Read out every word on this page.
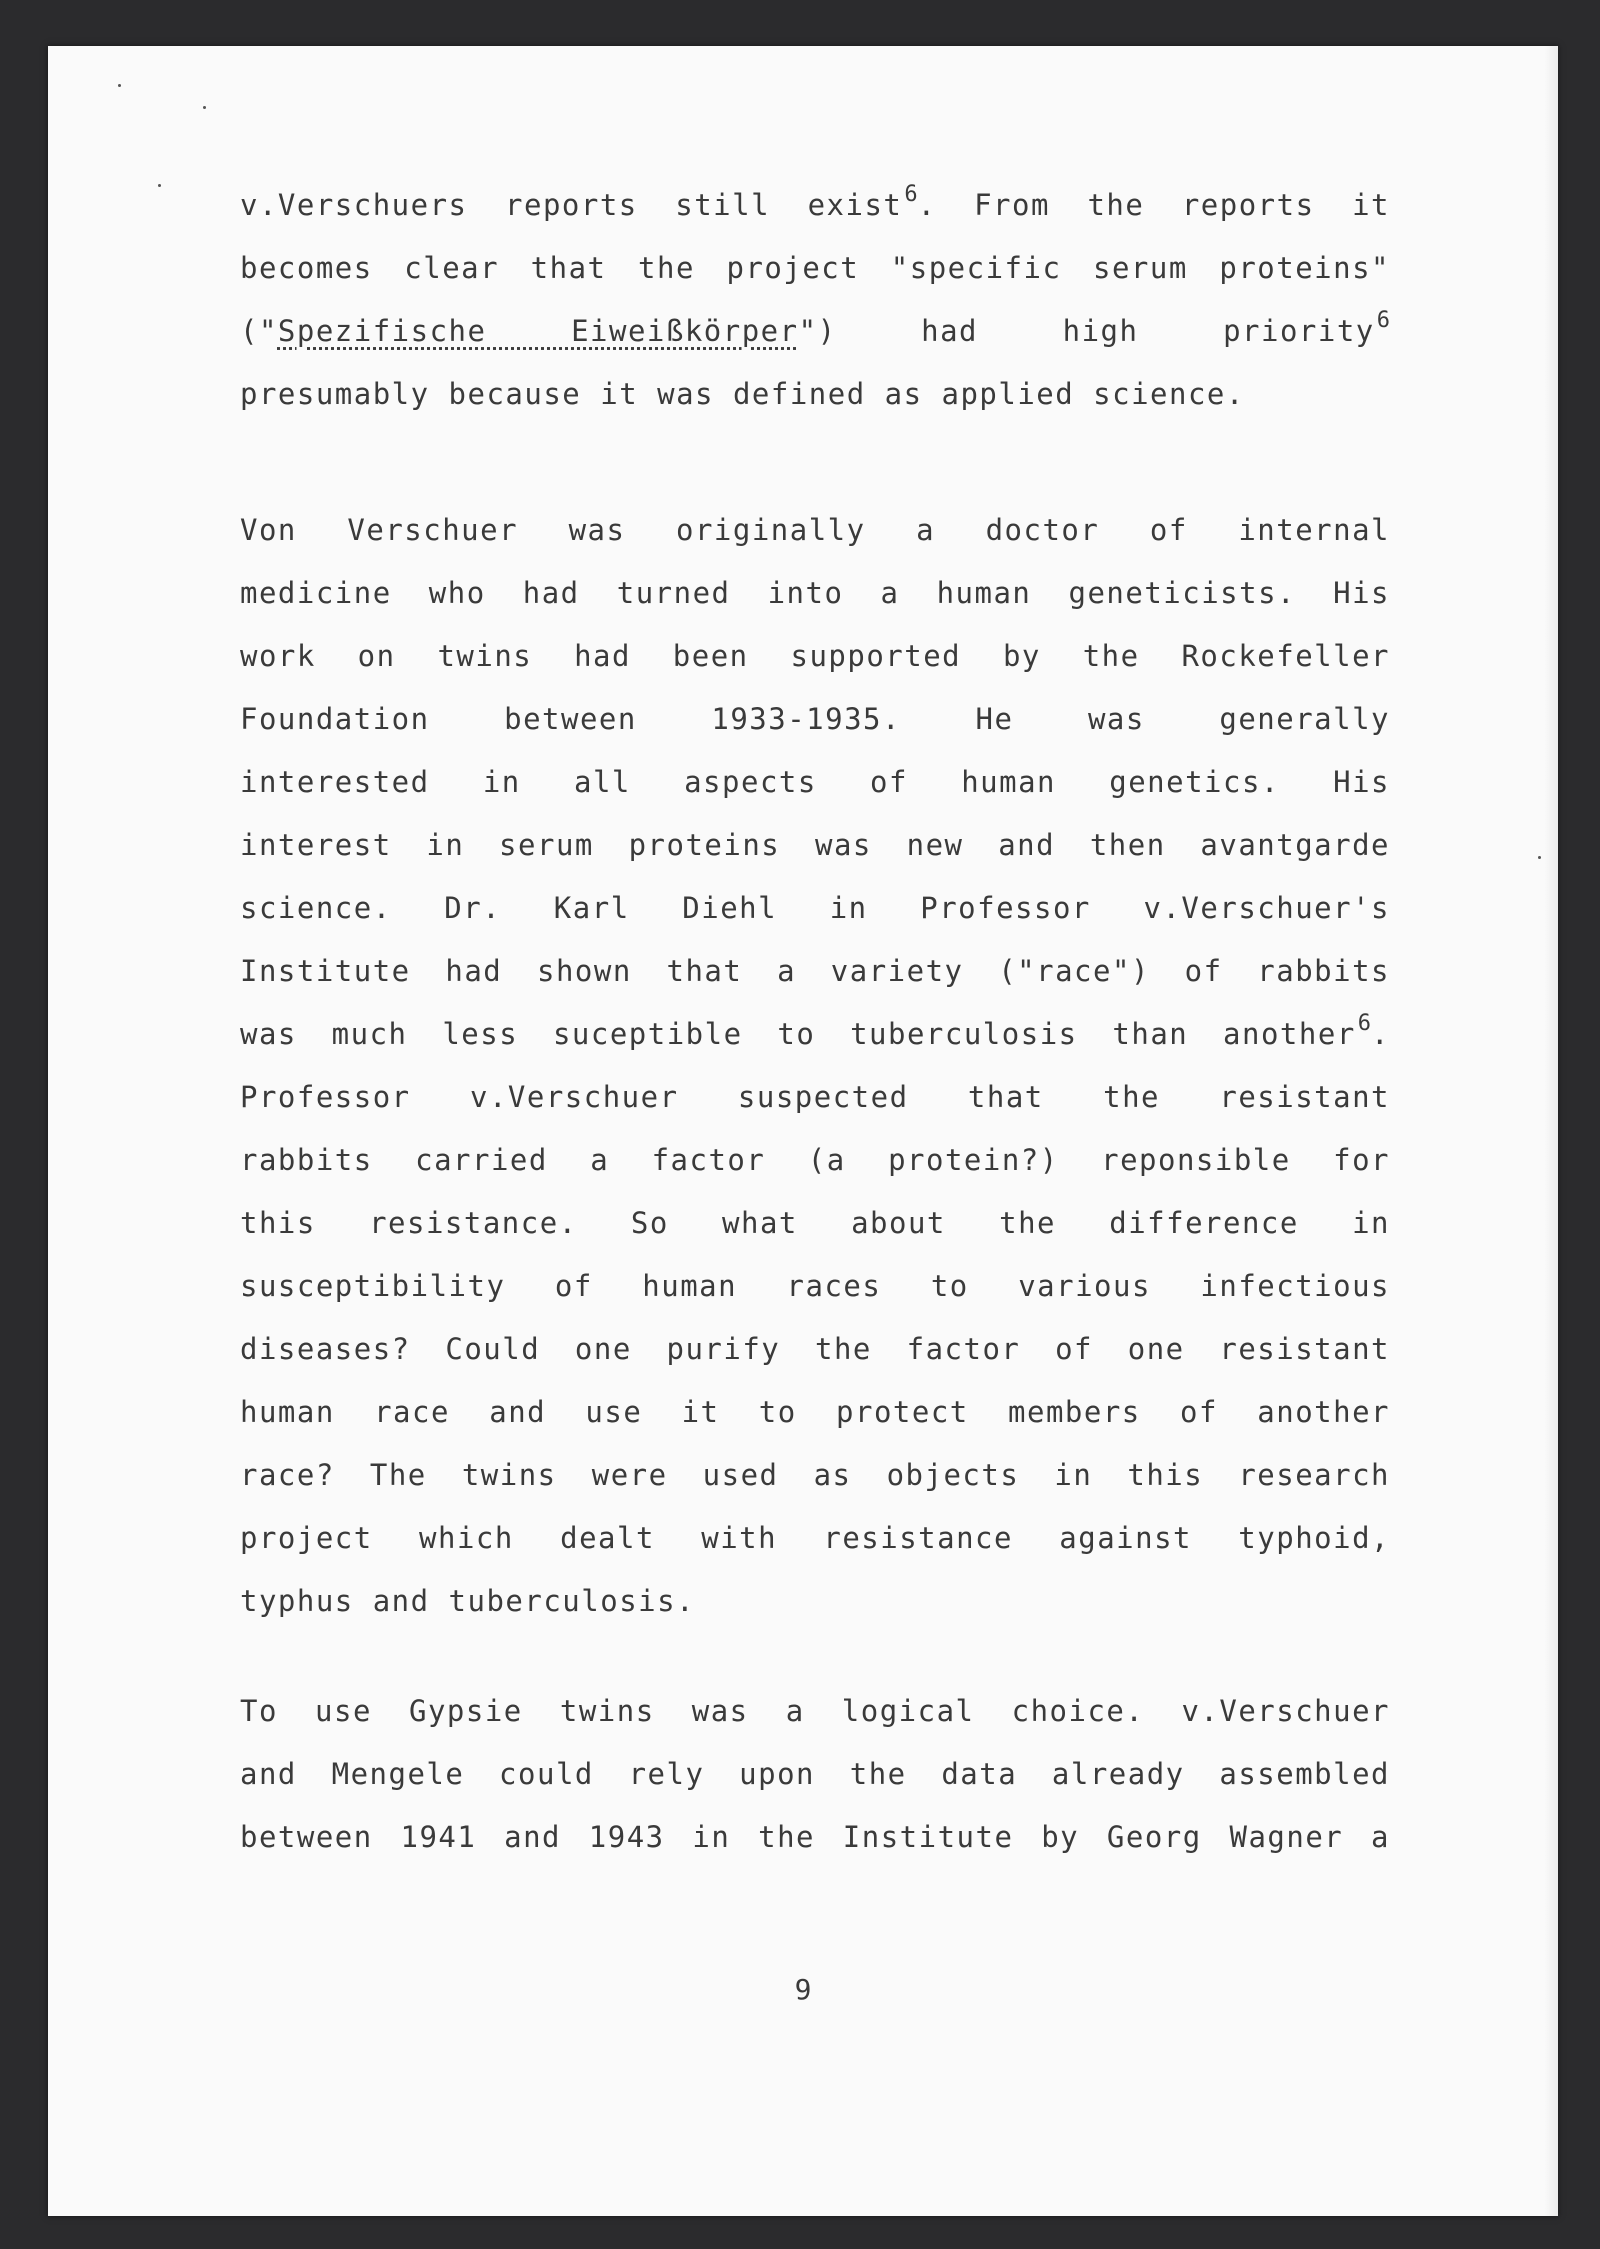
v.Verschuers reports still exist$^6$. From the reports it
becomes clear that the project "specific serum proteins"
("Spezifische Eiweißkörper") had high priority$^6$
presumably because it was defined as applied science.
Von Verschuer was originally a doctor of internal
medicine who had turned into a human geneticists. His
work on twins had been supported by the Rockefeller
Foundation between 1933-1935. He was generally
interested in all aspects of human genetics. His
interest in serum proteins was new and then avantgarde
science. Dr. Karl Diehl in Professor v.Verschuer's
Institute had shown that a variety ("race") of rabbits
was much less suceptible to tuberculosis than another$^6$.
Professor v.Verschuer suspected that the resistant
rabbits carried a factor (a protein?) reponsible for
this resistance. So what about the difference in
susceptibility of human races to various infectious
diseases? Could one purify the factor of one resistant
human race and use it to protect members of another
race? The twins were used as objects in this research
project which dealt with resistance against typhoid,
typhus and tuberculosis.
To use Gypsie twins was a logical choice. v.Verschuer
and Mengele could rely upon the data already assembled
between 1941 and 1943 in the Institute by Georg Wagner a
9
